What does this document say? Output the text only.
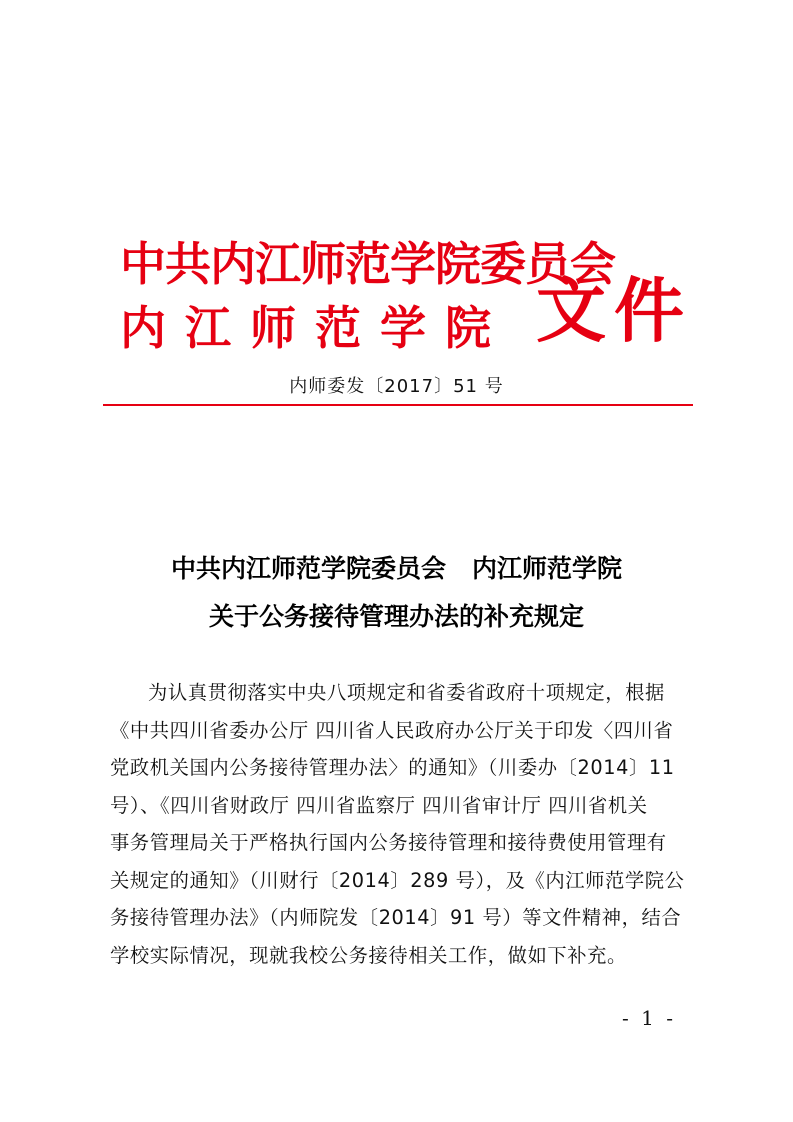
中共内江师范学院委员会
内江师范学院 文件
内师委发〔2017〕51 号
中共内江师范学院委员会 内江师范学院
关于公务接待管理办法的补充规定
为认真贯彻落实中央八项规定和省委省政府十项规定，根据
《中共四川省委办公厅 四川省人民政府办公厅关于印发〈四川省
党政机关国内公务接待管理办法〉的通知》（川委办〔2014〕11
号）、《四川省财政厅 四川省监察厅 四川省审计厅 四川省机关
事务管理局关于严格执行国内公务接待管理和接待费使用管理有
关规定的通知》（川财行〔2014〕289 号），及《内江师范学院公
务接待管理办法》（内师院发〔2014〕91 号）等文件精神，结合
学校实际情况，现就我校公务接待相关工作，做如下补充。
- 1 -
